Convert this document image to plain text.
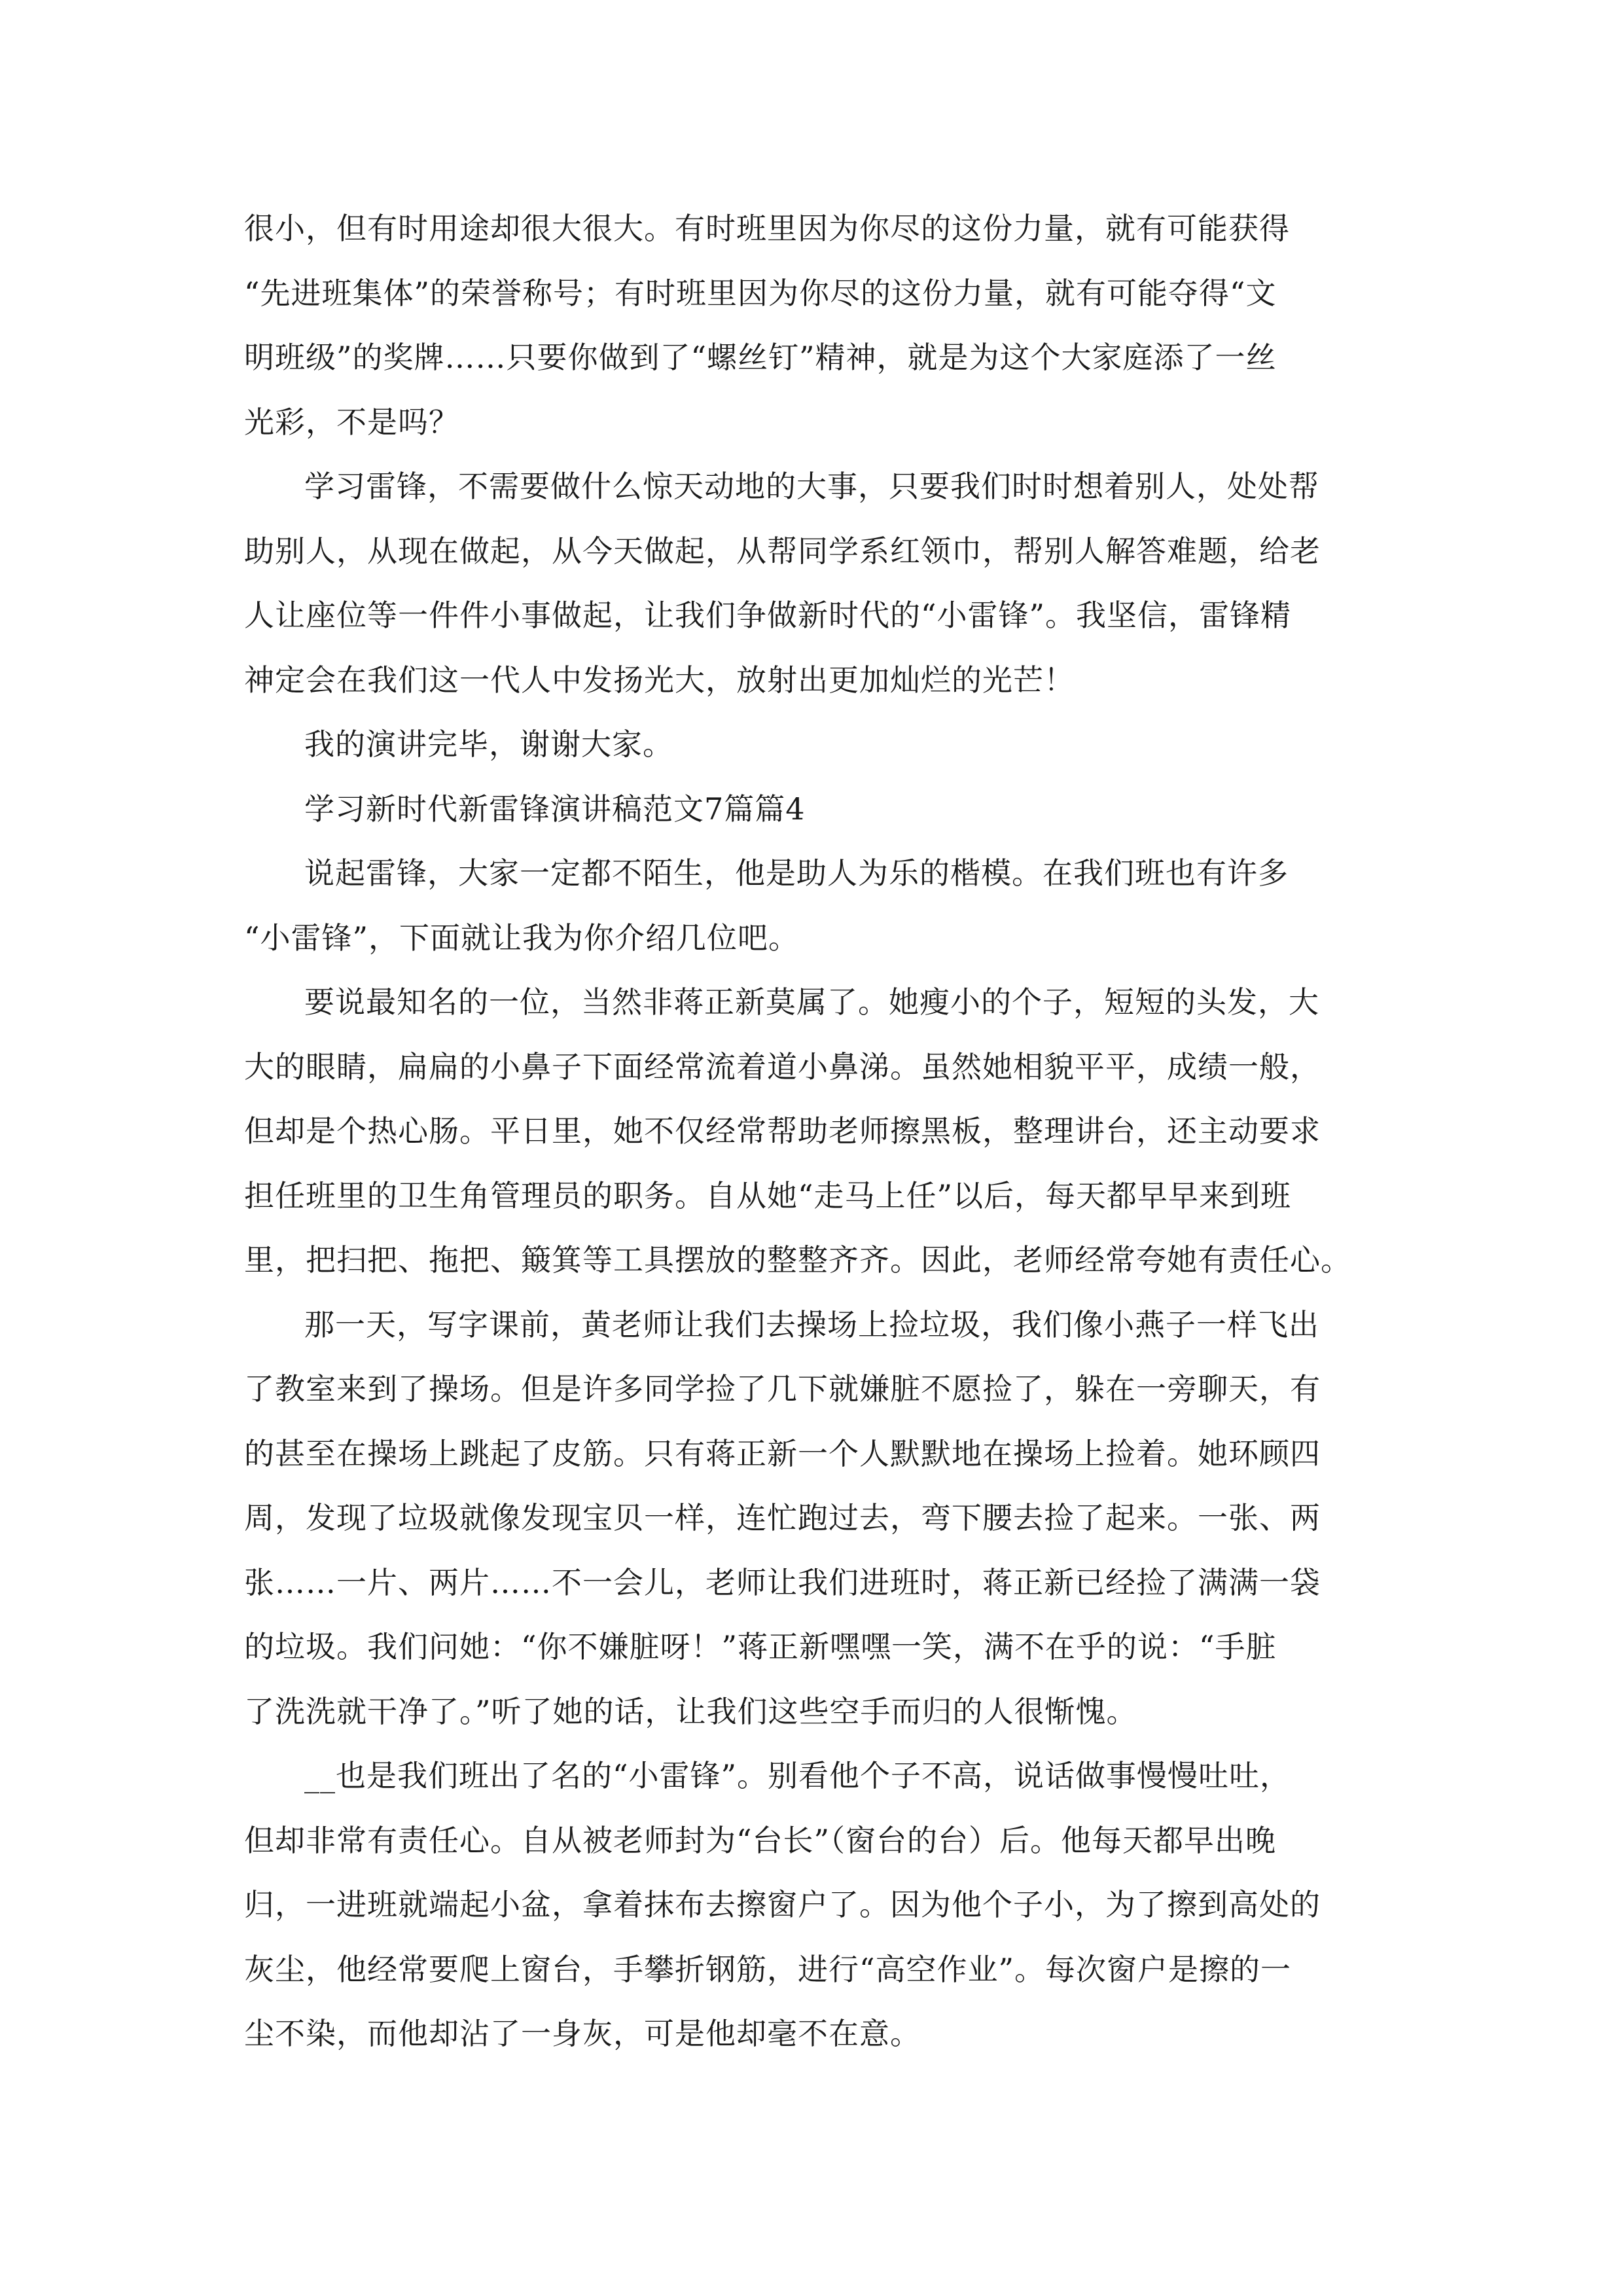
很小，但有时用途却很大很大。有时班里因为你尽的这份力量，就有可能获得
“先进班集体”的荣誉称号；有时班里因为你尽的这份力量，就有可能夺得“文
明班级”的奖牌……只要你做到了“螺丝钉”精神，就是为这个大家庭添了一丝
光彩，不是吗？
学习雷锋，不需要做什么惊天动地的大事，只要我们时时想着别人，处处帮
助别人，从现在做起，从今天做起，从帮同学系红领巾，帮别人解答难题，给老
人让座位等一件件小事做起，让我们争做新时代的“小雷锋”。我坚信，雷锋精
神定会在我们这一代人中发扬光大，放射出更加灿烂的光芒！
我的演讲完毕，谢谢大家。
学习新时代新雷锋演讲稿范文7篇篇4
说起雷锋，大家一定都不陌生，他是助人为乐的楷模。在我们班也有许多
“小雷锋”，下面就让我为你介绍几位吧。
要说最知名的一位，当然非蒋正新莫属了。她瘦小的个子，短短的头发，大
大的眼睛，扁扁的小鼻子下面经常流着道小鼻涕。虽然她相貌平平，成绩一般，
但却是个热心肠。平日里，她不仅经常帮助老师擦黑板，整理讲台，还主动要求
担任班里的卫生角管理员的职务。自从她“走马上任”以后，每天都早早来到班
里，把扫把、拖把、簸箕等工具摆放的整整齐齐。因此，老师经常夸她有责任心。
那一天，写字课前，黄老师让我们去操场上捡垃圾，我们像小燕子一样飞出
了教室来到了操场。但是许多同学捡了几下就嫌脏不愿捡了，躲在一旁聊天，有
的甚至在操场上跳起了皮筋。只有蒋正新一个人默默地在操场上捡着。她环顾四
周，发现了垃圾就像发现宝贝一样，连忙跑过去，弯下腰去捡了起来。一张、两
张……一片、两片……不一会儿，老师让我们进班时，蒋正新已经捡了满满一袋
的垃圾。我们问她：“你不嫌脏呀！”蒋正新嘿嘿一笑，满不在乎的说：“手脏
了洗洗就干净了。”听了她的话，让我们这些空手而归的人很惭愧。
__也是我们班出了名的“小雷锋”。别看他个子不高，说话做事慢慢吐吐，
但却非常有责任心。自从被老师封为“台长”（窗台的台）后。他每天都早出晚
归，一进班就端起小盆，拿着抹布去擦窗户了。因为他个子小，为了擦到高处的
灰尘，他经常要爬上窗台，手攀折钢筋，进行“高空作业”。每次窗户是擦的一
尘不染，而他却沾了一身灰，可是他却毫不在意。
